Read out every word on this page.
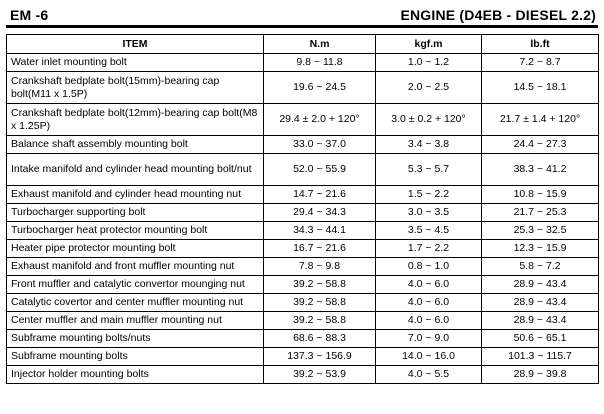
EM -6	ENGINE (D4EB - DIESEL 2.2)
ITEM	N.m	kgf.m	lb.ft
Water inlet mounting bolt	9.8 ~ 11.8	1.0 ~ 1.2	7.2 ~ 8.7
Crankshaft bedplate bolt(15mm)-bearing cap bolt(M11 x 1.5P)	19.6 ~ 24.5	2.0 ~ 2.5	14.5 ~ 18.1
Crankshaft bedplate bolt(12mm)-bearing cap bolt(M8 x 1.25P)	29.4 ± 2.0 + 120°	3.0 ± 0.2 + 120°	21.7 ± 1.4 + 120°
Balance shaft assembly mounting bolt	33.0 ~ 37.0	3.4 ~ 3.8	24.4 ~ 27.3
Intake manifold and cylinder head mounting bolt/nut	52.0 ~ 55.9	5.3 ~ 5.7	38.3 ~ 41.2
Exhaust manifold and cylinder head mounting nut	14.7 ~ 21.6	1.5 ~ 2.2	10.8 ~ 15.9
Turbocharger supporting bolt	29.4 ~ 34.3	3.0 ~ 3.5	21.7 ~ 25.3
Turbocharger heat protector mounting bolt	34.3 ~ 44.1	3.5 ~ 4.5	25.3 ~ 32.5
Heater pipe protector mounting bolt	16.7 ~ 21.6	1.7 ~ 2.2	12.3 ~ 15.9
Exhaust manifold and front muffler mounting nut	7.8 ~ 9.8	0.8 ~ 1.0	5.8 ~ 7.2
Front muffler and catalytic convertor mounging nut	39.2 ~ 58.8	4.0 ~ 6.0	28.9 ~ 43.4
Catalytic covertor and center muffler mounting nut	39.2 ~ 58.8	4.0 ~ 6.0	28.9 ~ 43.4
Center muffler and main muffler mounting nut	39.2 ~ 58.8	4.0 ~ 6.0	28.9 ~ 43.4
Subframe mounting bolts/nuts	68.6 ~ 88.3	7.0 ~ 9.0	50.6 ~ 65.1
Subframe mounting bolts	137.3 ~ 156.9	14.0 ~ 16.0	101.3 ~ 115.7
Injector holder mounting bolts	39.2 ~ 53.9	4.0 ~ 5.5	28.9 ~ 39.8
